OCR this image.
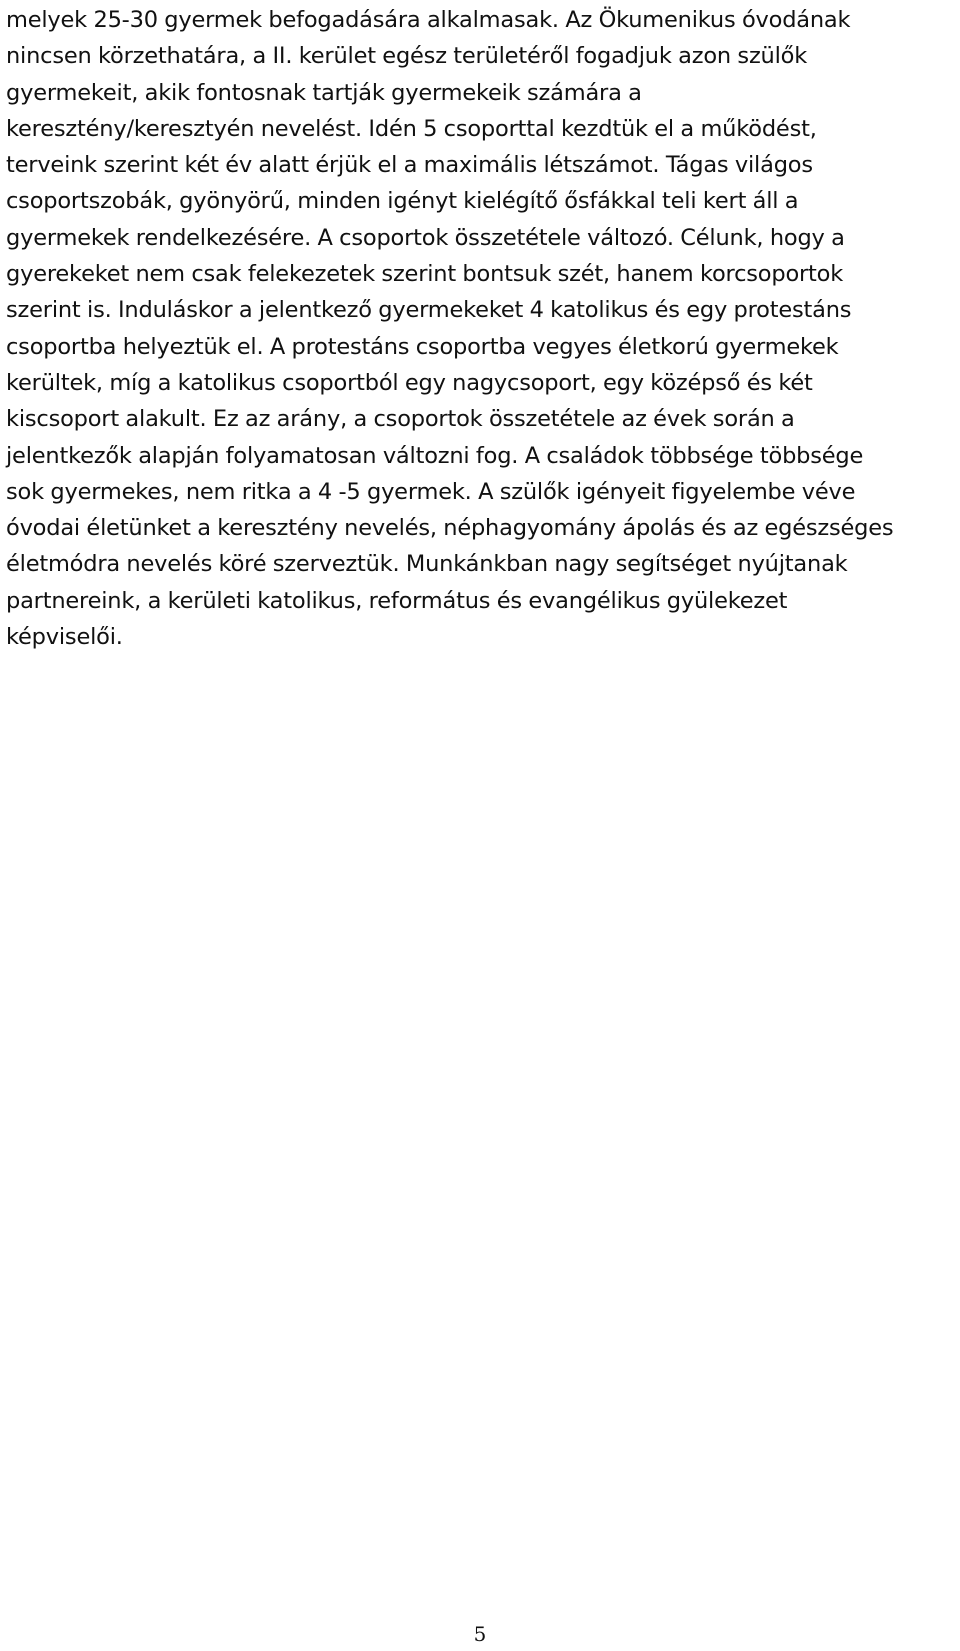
melyek 25-30 gyermek befogadására alkalmasak. Az Ökumenikus óvodának
nincsen körzethatára, a II. kerület egész területéről fogadjuk azon szülők
gyermekeit, akik fontosnak tartják gyermekeik számára a
keresztény/keresztyén nevelést. Idén 5 csoporttal kezdtük el a működést,
terveink szerint két év alatt érjük el a maximális létszámot. Tágas világos
csoportszobák, gyönyörű, minden igényt kielégítő ősfákkal teli kert áll a
gyermekek rendelkezésére. A csoportok összetétele változó. Célunk, hogy a
gyerekeket nem csak felekezetek szerint bontsuk szét, hanem korcsoportok
szerint is. Induláskor a jelentkező gyermekeket 4 katolikus és egy protestáns
csoportba helyeztük el. A protestáns csoportba vegyes életkorú gyermekek
kerültek, míg a katolikus csoportból egy nagycsoport, egy középső és két
kiscsoport alakult. Ez az arány, a csoportok összetétele az évek során a
jelentkezők alapján folyamatosan változni fog. A családok többsége többsége
sok gyermekes, nem ritka a 4 -5 gyermek. A szülők igényeit figyelembe véve
óvodai életünket a keresztény nevelés, néphagyomány ápolás és az egészséges
életmódra nevelés köré szerveztük. Munkánkban nagy segítséget nyújtanak
partnereink, a kerületi katolikus, református és evangélikus gyülekezet
képviselői.

5
